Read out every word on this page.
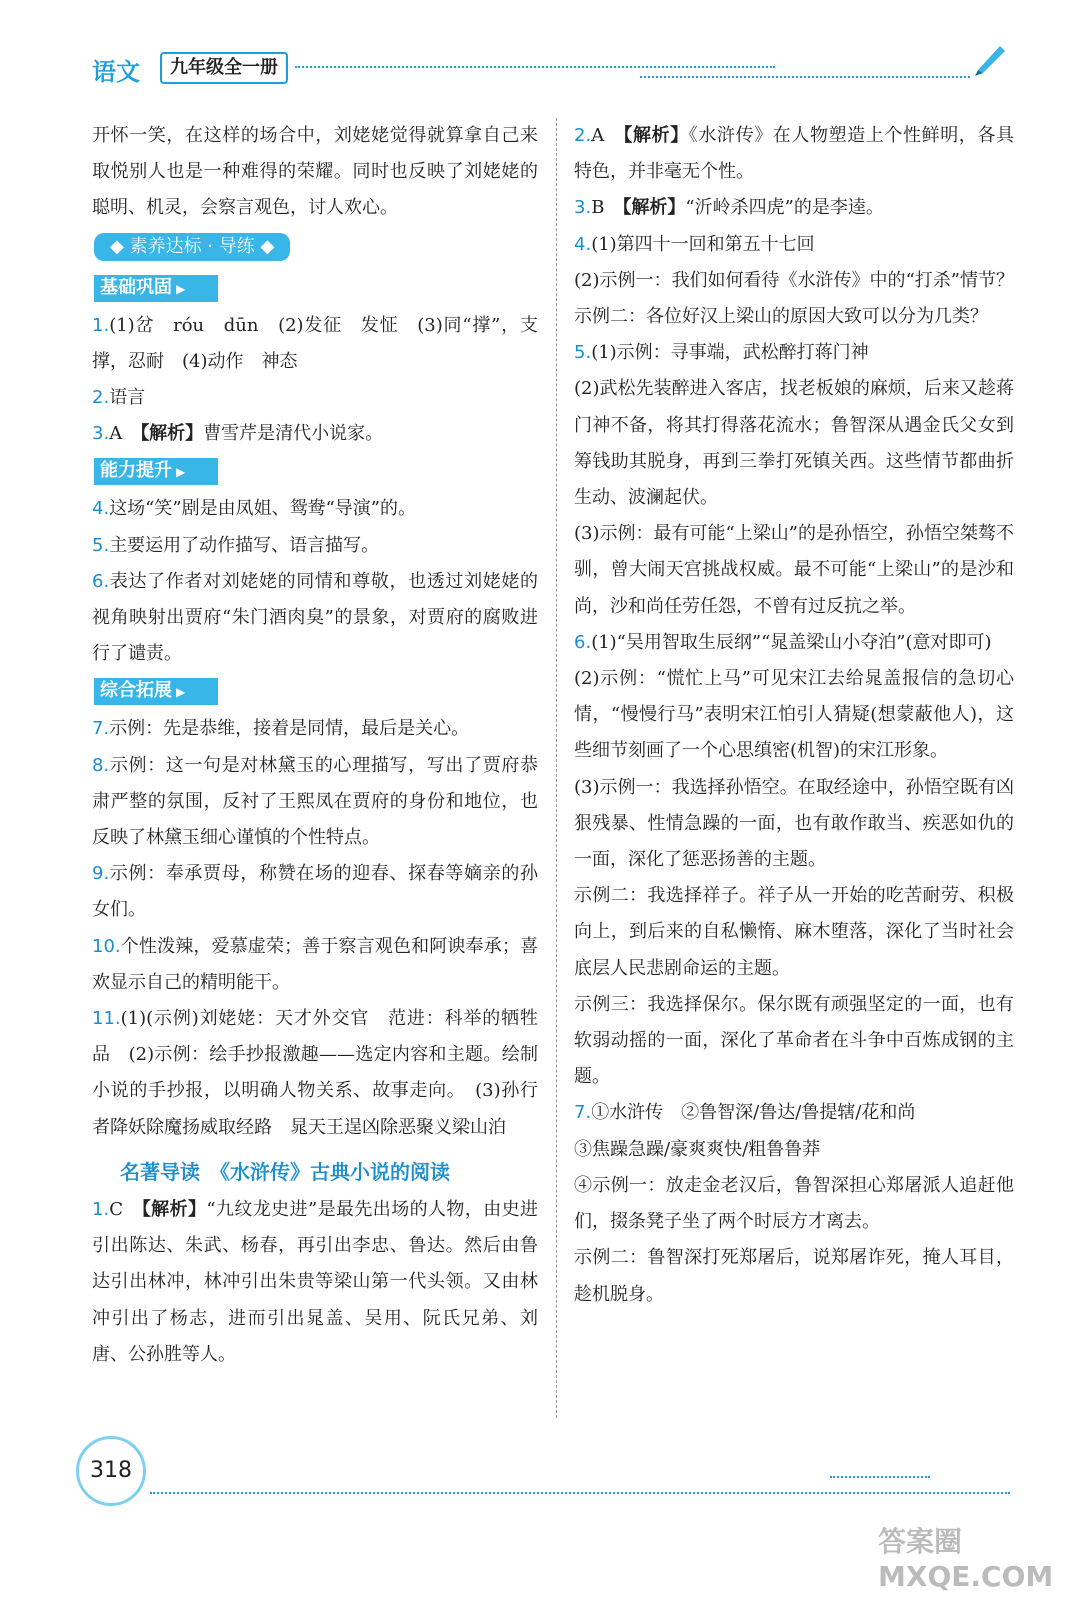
语文	九年级全一册

开怀一笑，在这样的场合中，刘姥姥觉得就算拿自己来取悦别人也是一种难得的荣耀。同时也反映了刘姥姥的聪明、机灵，会察言观色，讨人欢心。

◆ 素养达标 · 导练 ◆
基础巩固 ▶

1.(1)岔　róu　dūn　(2)发征　发怔　(3)同“撑”，支撑，忍耐　(4)动作　神态

2.语言

3.A　【解析】曹雪芹是清代小说家。

能力提升 ▶

4.这场“笑”剧是由凤姐、鸳鸯“导演”的。

5.主要运用了动作描写、语言描写。

6.表达了作者对刘姥姥的同情和尊敬，也透过刘姥姥的视角映射出贾府“朱门酒肉臭”的景象，对贾府的腐败进行了谴责。

综合拓展 ▶

7.示例：先是恭维，接着是同情，最后是关心。

8.示例：这一句是对林黛玉的心理描写，写出了贾府恭肃严整的氛围，反衬了王熙凤在贾府的身份和地位，也反映了林黛玉细心谨慎的个性特点。

9.示例：奉承贾母，称赞在场的迎春、探春等嫡亲的孙女们。

10.个性泼辣，爱慕虚荣；善于察言观色和阿谀奉承；喜欢显示自己的精明能干。

11.(1)(示例)刘姥姥：天才外交官　范进：科举的牺牲品　(2)示例：绘手抄报激趣——选定内容和主题。绘制小说的手抄报，以明确人物关系、故事走向。　(3)孙行者降妖除魔扬威取经路　晁天王逞凶除恶聚义梁山泊

名著导读　《水浒传》古典小说的阅读

1.C　【解析】“九纹龙史进”是最先出场的人物，由史进引出陈达、朱武、杨春，再引出李忠、鲁达。然后由鲁达引出林冲，林冲引出朱贵等梁山第一代头领。又由林冲引出了杨志，进而引出晁盖、吴用、阮氏兄弟、刘唐、公孙胜等人。

2.A　【解析】《水浒传》在人物塑造上个性鲜明，各具特色，并非毫无个性。

3.B　【解析】“沂岭杀四虎”的是李逵。

4.(1)第四十一回和第五十七回

(2)示例一：我们如何看待《水浒传》中的“打杀”情节？　示例二：各位好汉上梁山的原因大致可以分为几类？

5.(1)示例：寻事端，武松醉打蒋门神

(2)武松先装醉进入客店，找老板娘的麻烦，后来又趁蒋门神不备，将其打得落花流水；鲁智深从遇金氏父女到筹钱助其脱身，再到三拳打死镇关西。这些情节都曲折生动、波澜起伏。

(3)示例：最有可能“上梁山”的是孙悟空，孙悟空桀骜不驯，曾大闹天宫挑战权威。最不可能“上梁山”的是沙和尚，沙和尚任劳任怨，不曾有过反抗之举。

6.(1)“吴用智取生辰纲”“晁盖梁山小夺泊”(意对即可)

(2)示例：“慌忙上马”可见宋江去给晁盖报信的急切心情，“慢慢行马”表明宋江怕引人猜疑(想蒙蔽他人)，这些细节刻画了一个心思缜密(机智)的宋江形象。

(3)示例一：我选择孙悟空。在取经途中，孙悟空既有凶狠残暴、性情急躁的一面，也有敢作敢当、疾恶如仇的一面，深化了惩恶扬善的主题。

示例二：我选择祥子。祥子从一开始的吃苦耐劳、积极向上，到后来的自私懒惰、麻木堕落，深化了当时社会底层人民悲剧命运的主题。

示例三：我选择保尔。保尔既有顽强坚定的一面，也有软弱动摇的一面，深化了革命者在斗争中百炼成钢的主题。

7.①水浒传　②鲁智深/鲁达/鲁提辖/花和尚

③焦躁急躁/豪爽爽快/粗鲁鲁莽

④示例一：放走金老汉后，鲁智深担心郑屠派人追赶他们，掇条凳子坐了两个时辰方才离去。

示例二：鲁智深打死郑屠后，说郑屠诈死，掩人耳目，趁机脱身。

318
答案圈 MXQE.COM
